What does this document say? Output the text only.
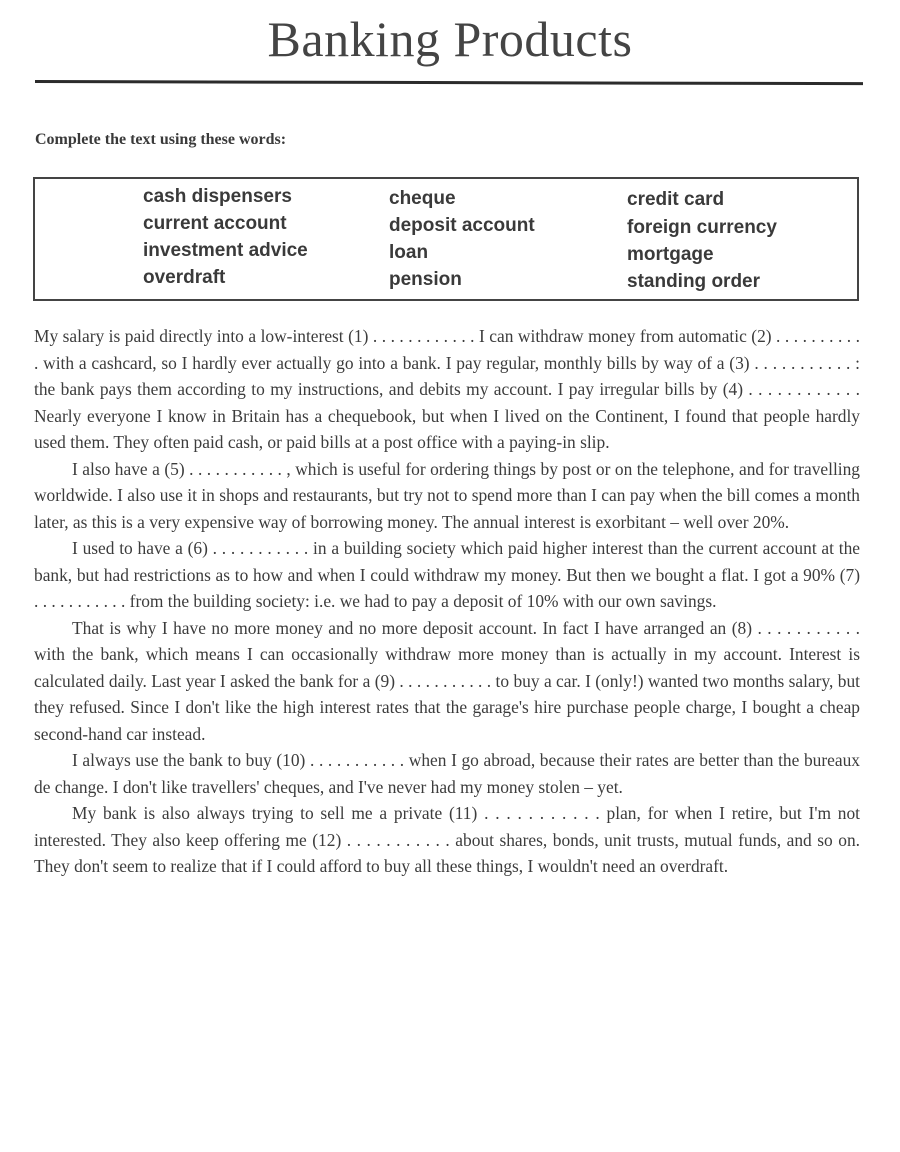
Banking Products
Complete the text using these words:
cash dispensers
current account
investment advice
overdraft
cheque
deposit account
loan
pension
credit card
foreign currency
mortgage
standing order

My salary is paid directly into a low-interest (1) . . . . . . . . . . . . I can withdraw money from automatic (2) . . . . . . . . . . . with a cashcard, so I hardly ever actually go into a bank. I pay regular, monthly bills by way of a (3) . . . . . . . . . . . : the bank pays them according to my instructions, and debits my account. I pay irregular bills by (4) . . . . . . . . . . . . Nearly everyone I know in Britain has a chequebook, but when I lived on the Continent, I found that people hardly used them. They often paid cash, or paid bills at a post office with a paying-in slip.

I also have a (5) . . . . . . . . . . . , which is useful for ordering things by post or on the telephone, and for travelling worldwide. I also use it in shops and restaurants, but try not to spend more than I can pay when the bill comes a month later, as this is a very expensive way of borrowing money. The annual interest is exorbitant – well over 20%.

I used to have a (6) . . . . . . . . . . . in a building society which paid higher interest than the current account at the bank, but had restrictions as to how and when I could withdraw my money. But then we bought a flat. I got a 90% (7) . . . . . . . . . . . from the building society: i.e. we had to pay a deposit of 10% with our own savings.

That is why I have no more money and no more deposit account. In fact I have arranged an (8) . . . . . . . . . . . with the bank, which means I can occasionally withdraw more money than is actually in my account. Interest is calculated daily. Last year I asked the bank for a (9) . . . . . . . . . . . to buy a car. I (only!) wanted two months salary, but they refused. Since I don't like the high interest rates that the garage's hire purchase people charge, I bought a cheap second-hand car instead.

I always use the bank to buy (10) . . . . . . . . . . . when I go abroad, because their rates are better than the bureaux de change. I don't like travellers' cheques, and I've never had my money stolen – yet.

My bank is also always trying to sell me a private (11) . . . . . . . . . . . plan, for when I retire, but I'm not interested. They also keep offering me (12) . . . . . . . . . . . about shares, bonds, unit trusts, mutual funds, and so on. They don't seem to realize that if I could afford to buy all these things, I wouldn't need an overdraft.
